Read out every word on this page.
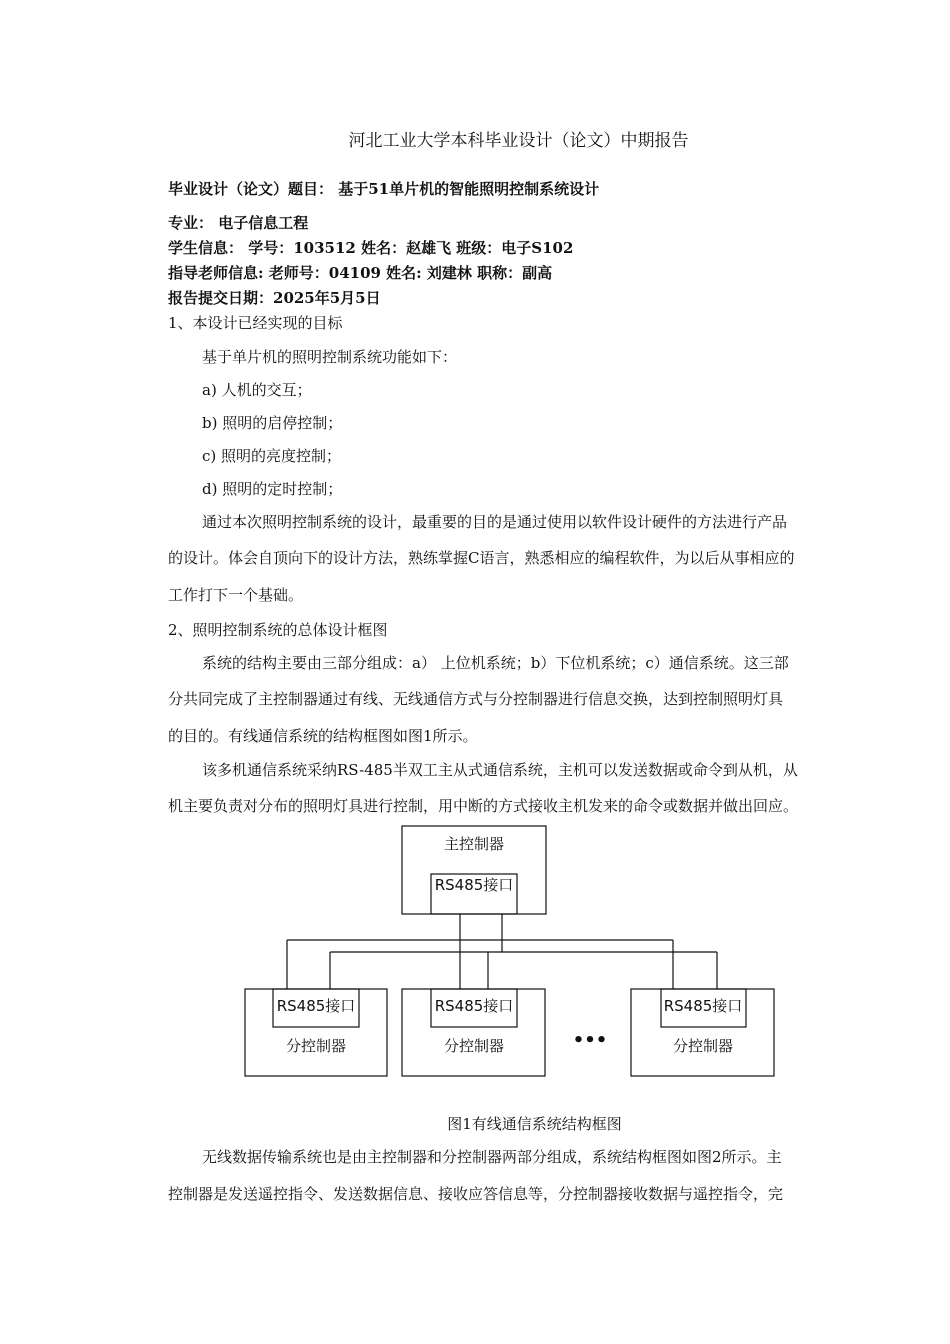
河北工业大学本科毕业设计（论文）中期报告
毕业设计（论文）题目： 基于51单片机的智能照明控制系统设计
专业： 电子信息工程
学生信息： 学号：103512 姓名：赵雄飞 班级：电子S102
指导老师信息: 老师号：04109 姓名: 刘建林 职称：副高
报告提交日期：2025年5月5日
1、本设计已经实现的目标
基于单片机的照明控制系统功能如下：
a) 人机的交互；
b) 照明的启停控制；
c) 照明的亮度控制；
d) 照明的定时控制；
通过本次照明控制系统的设计，最重要的目的是通过使用以软件设计硬件的方法进行产品
的设计。体会自顶向下的设计方法，熟练掌握C语言，熟悉相应的编程软件，为以后从事相应的
工作打下一个基础。
2、照明控制系统的总体设计框图
系统的结构主要由三部分组成：a） 上位机系统；b）下位机系统；c）通信系统。这三部
分共同完成了主控制器通过有线、无线通信方式与分控制器进行信息交换，达到控制照明灯具
的目的。有线通信系统的结构框图如图1所示。
该多机通信系统采纳RS-485半双工主从式通信系统，主机可以发送数据或命令到从机，从
机主要负责对分布的照明灯具进行控制，用中断的方式接收主机发来的命令或数据并做出回应。
主控制器
RS485接口
RS485接口	RS485接口	RS485接口
分控制器	分控制器	分控制器
•••
图1有线通信系统结构框图
无线数据传输系统也是由主控制器和分控制器两部分组成，系统结构框图如图2所示。主
控制器是发送遥控指令、发送数据信息、接收应答信息等，分控制器接收数据与遥控指令，完
